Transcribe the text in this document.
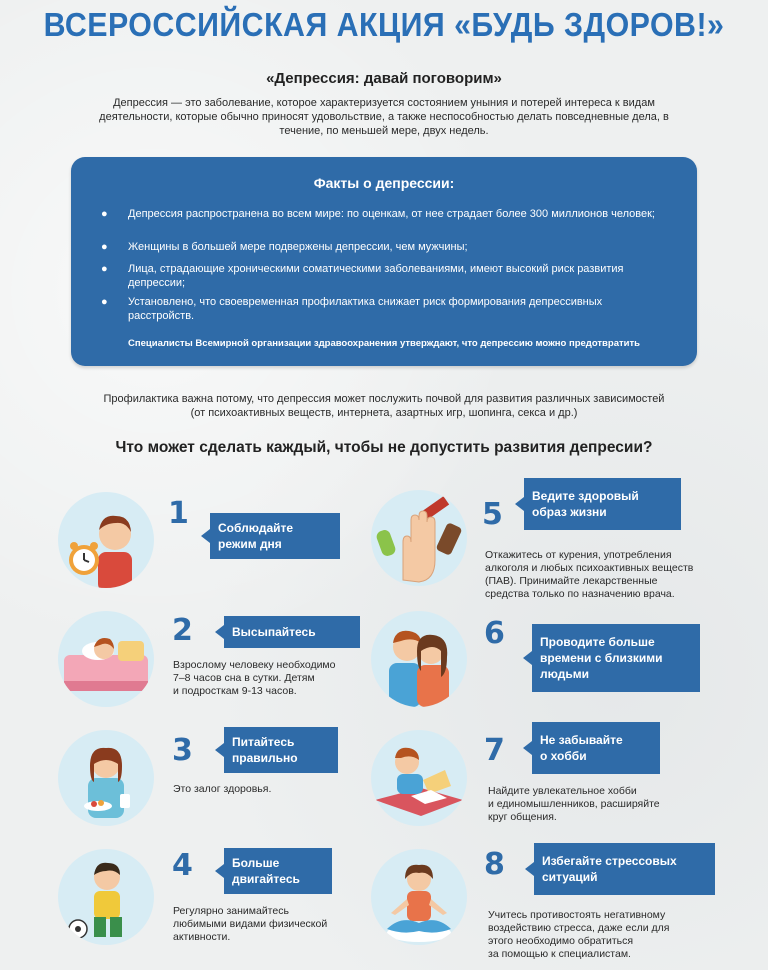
ВСЕРОССИЙСКАЯ АКЦИЯ «БУДЬ ЗДОРОВ!»
«Депрессия: давай поговорим»
Депрессия — это заболевание, которое характеризуется состоянием уныния и потерей интереса к видам деятельности, которые обычно приносят удовольствие, а также неспособностью делать повседневные дела, в течение, по меньшей мере, двух недель.
Факты о депрессии:
●	Депрессия распространена во всем мире: по оценкам, от нее страдает более 300 миллионов человек;
●	Женщины в большей мере подвержены депрессии, чем мужчины;
●	Лица, страдающие хроническими соматическими заболеваниями, имеют высокий риск развития депрессии;
●	Установлено, что своевременная профилактика снижает риск формирования депрессивных расстройств.
Специалисты Всемирной организации здравоохранения утверждают, что депрессию можно предотвратить
Профилактика важна потому, что депрессия может послужить почвой для развития различных зависимостей (от психоактивных веществ, интернета, азартных игр, шопинга, секса и др.)
Что может сделать каждый, чтобы не допустить развития депресии?
1 Соблюдайте
режим дня
2	Высыпайтесь
Взрослому человеку необходимо
7–8 часов сна в сутки. Детям
и подросткам 9-13 часов.
3	Питайтесь
правильно
Это залог здоровья.
4	Больше
двигайтесь
Регулярно занимайтесь
любимыми видами физической
активности.
5
Ведите здоровый
образ жизни
Откажитесь от курения, употребления
алкоголя и любых психоактивных веществ
(ПАВ). Принимайте лекарственные
средства только по назначению врача.
6	Проводите больше
времени с близкими
людьми
7	Не забывайте
о хобби
Найдите увлекательное хобби
и единомышленников, расширяйте
круг общения.
8	Избегайте стрессовых
ситуаций
Учитесь противостоять негативному
воздействию стресса, даже если для
этого необходимо обратиться
за помощью к специалистам.
